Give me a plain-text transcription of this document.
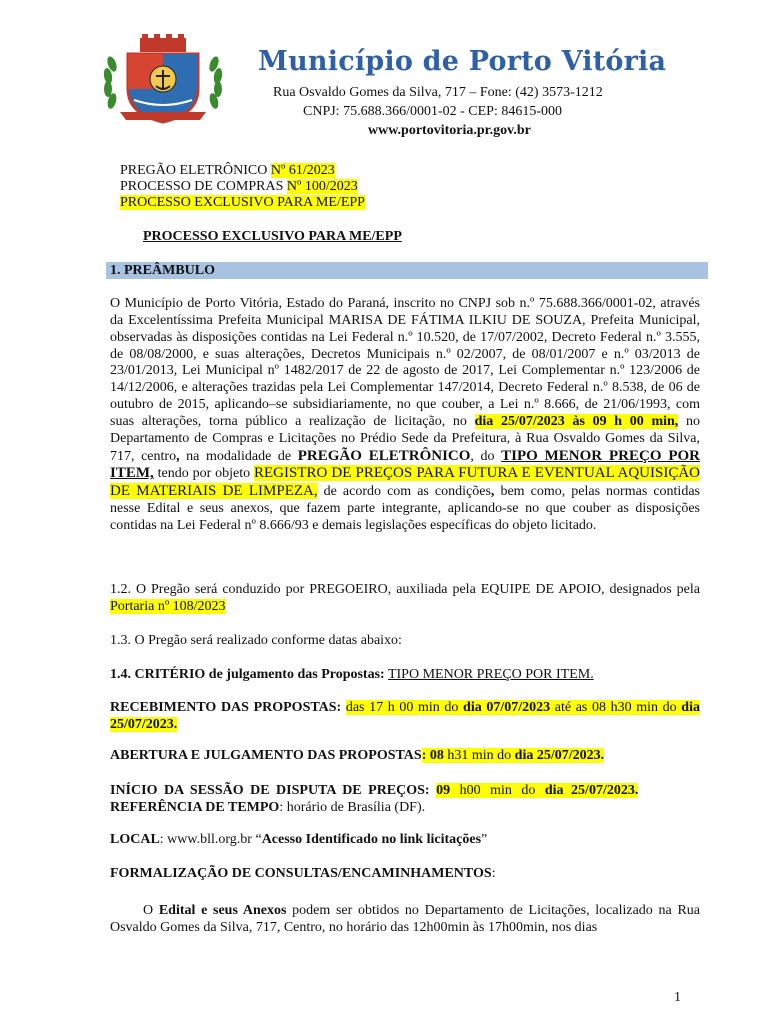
Município de Porto Vitória
Rua Osvaldo Gomes da Silva, 717 – Fone: (42) 3573-1212
CNPJ: 75.688.366/0001-02 - CEP: 84615-000
www.portovitoria.pr.gov.br
PREGÃO ELETRÔNICO Nº 61/2023
PROCESSO DE COMPRAS Nº 100/2023
PROCESSO EXCLUSIVO PARA ME/EPP
PROCESSO EXCLUSIVO PARA ME/EPP
1. PREÂMBULO
O Município de Porto Vitória, Estado do Paraná, inscrito no CNPJ sob n.º 75.688.366/0001-02, através da Excelentíssima Prefeita Municipal MARISA DE FÁTIMA ILKIU DE SOUZA, Prefeita Municipal, observadas às disposições contidas na Lei Federal n.º 10.520, de 17/07/2002, Decreto Federal n.º 3.555, de 08/08/2000, e suas alterações, Decretos Municipais n.º 02/2007, de 08/01/2007 e n.º 03/2013 de 23/01/2013, Lei Municipal nº 1482/2017 de 22 de agosto de 2017, Lei Complementar n.º 123/2006 de 14/12/2006, e alterações trazidas pela Lei Complementar 147/2014, Decreto Federal n.º 8.538, de 06 de outubro de 2015, aplicando–se subsidiariamente, no que couber, a Lei n.º 8.666, de 21/06/1993, com suas alterações, torna público a realização de licitação, no dia 25/07/2023 às 09 h 00 min, no Departamento de Compras e Licitações no Prédio Sede da Prefeitura, à Rua Osvaldo Gomes da Silva, 717, centro, na modalidade de PREGÃO ELETRÔNICO, do TIPO MENOR PREÇO POR ITEM, tendo por objeto REGISTRO DE PREÇOS PARA FUTURA E EVENTUAL AQUISIÇÃO DE MATERIAIS DE LIMPEZA, de acordo com as condições, bem como, pelas normas contidas nesse Edital e seus anexos, que fazem parte integrante, aplicando-se no que couber as disposições contidas na Lei Federal nº 8.666/93 e demais legislações específicas do objeto licitado.
1.2. O Pregão será conduzido por PREGOEIRO, auxiliada pela EQUIPE DE APOIO, designados pela Portaria nº 108/2023
1.3. O Pregão será realizado conforme datas abaixo:
1.4. CRITÉRIO de julgamento das Propostas: TIPO MENOR PREÇO POR ITEM.
RECEBIMENTO DAS PROPOSTAS: das 17 h 00 min do dia 07/07/2023 até as 08 h30 min do dia 25/07/2023.
ABERTURA E JULGAMENTO DAS PROPOSTAS: 08 h31 min do dia 25/07/2023.
INÍCIO DA SESSÃO DE DISPUTA DE PREÇOS: 09 h00 min do dia 25/07/2023.
REFERÊNCIA DE TEMPO: horário de Brasília (DF).
LOCAL: www.bll.org.br “Acesso Identificado no link licitações”
FORMALIZAÇÃO DE CONSULTAS/ENCAMINHAMENTOS:
O Edital e seus Anexos podem ser obtidos no Departamento de Licitações, localizado na Rua Osvaldo Gomes da Silva, 717, Centro, no horário das 12h00min às 17h00min, nos dias
1
